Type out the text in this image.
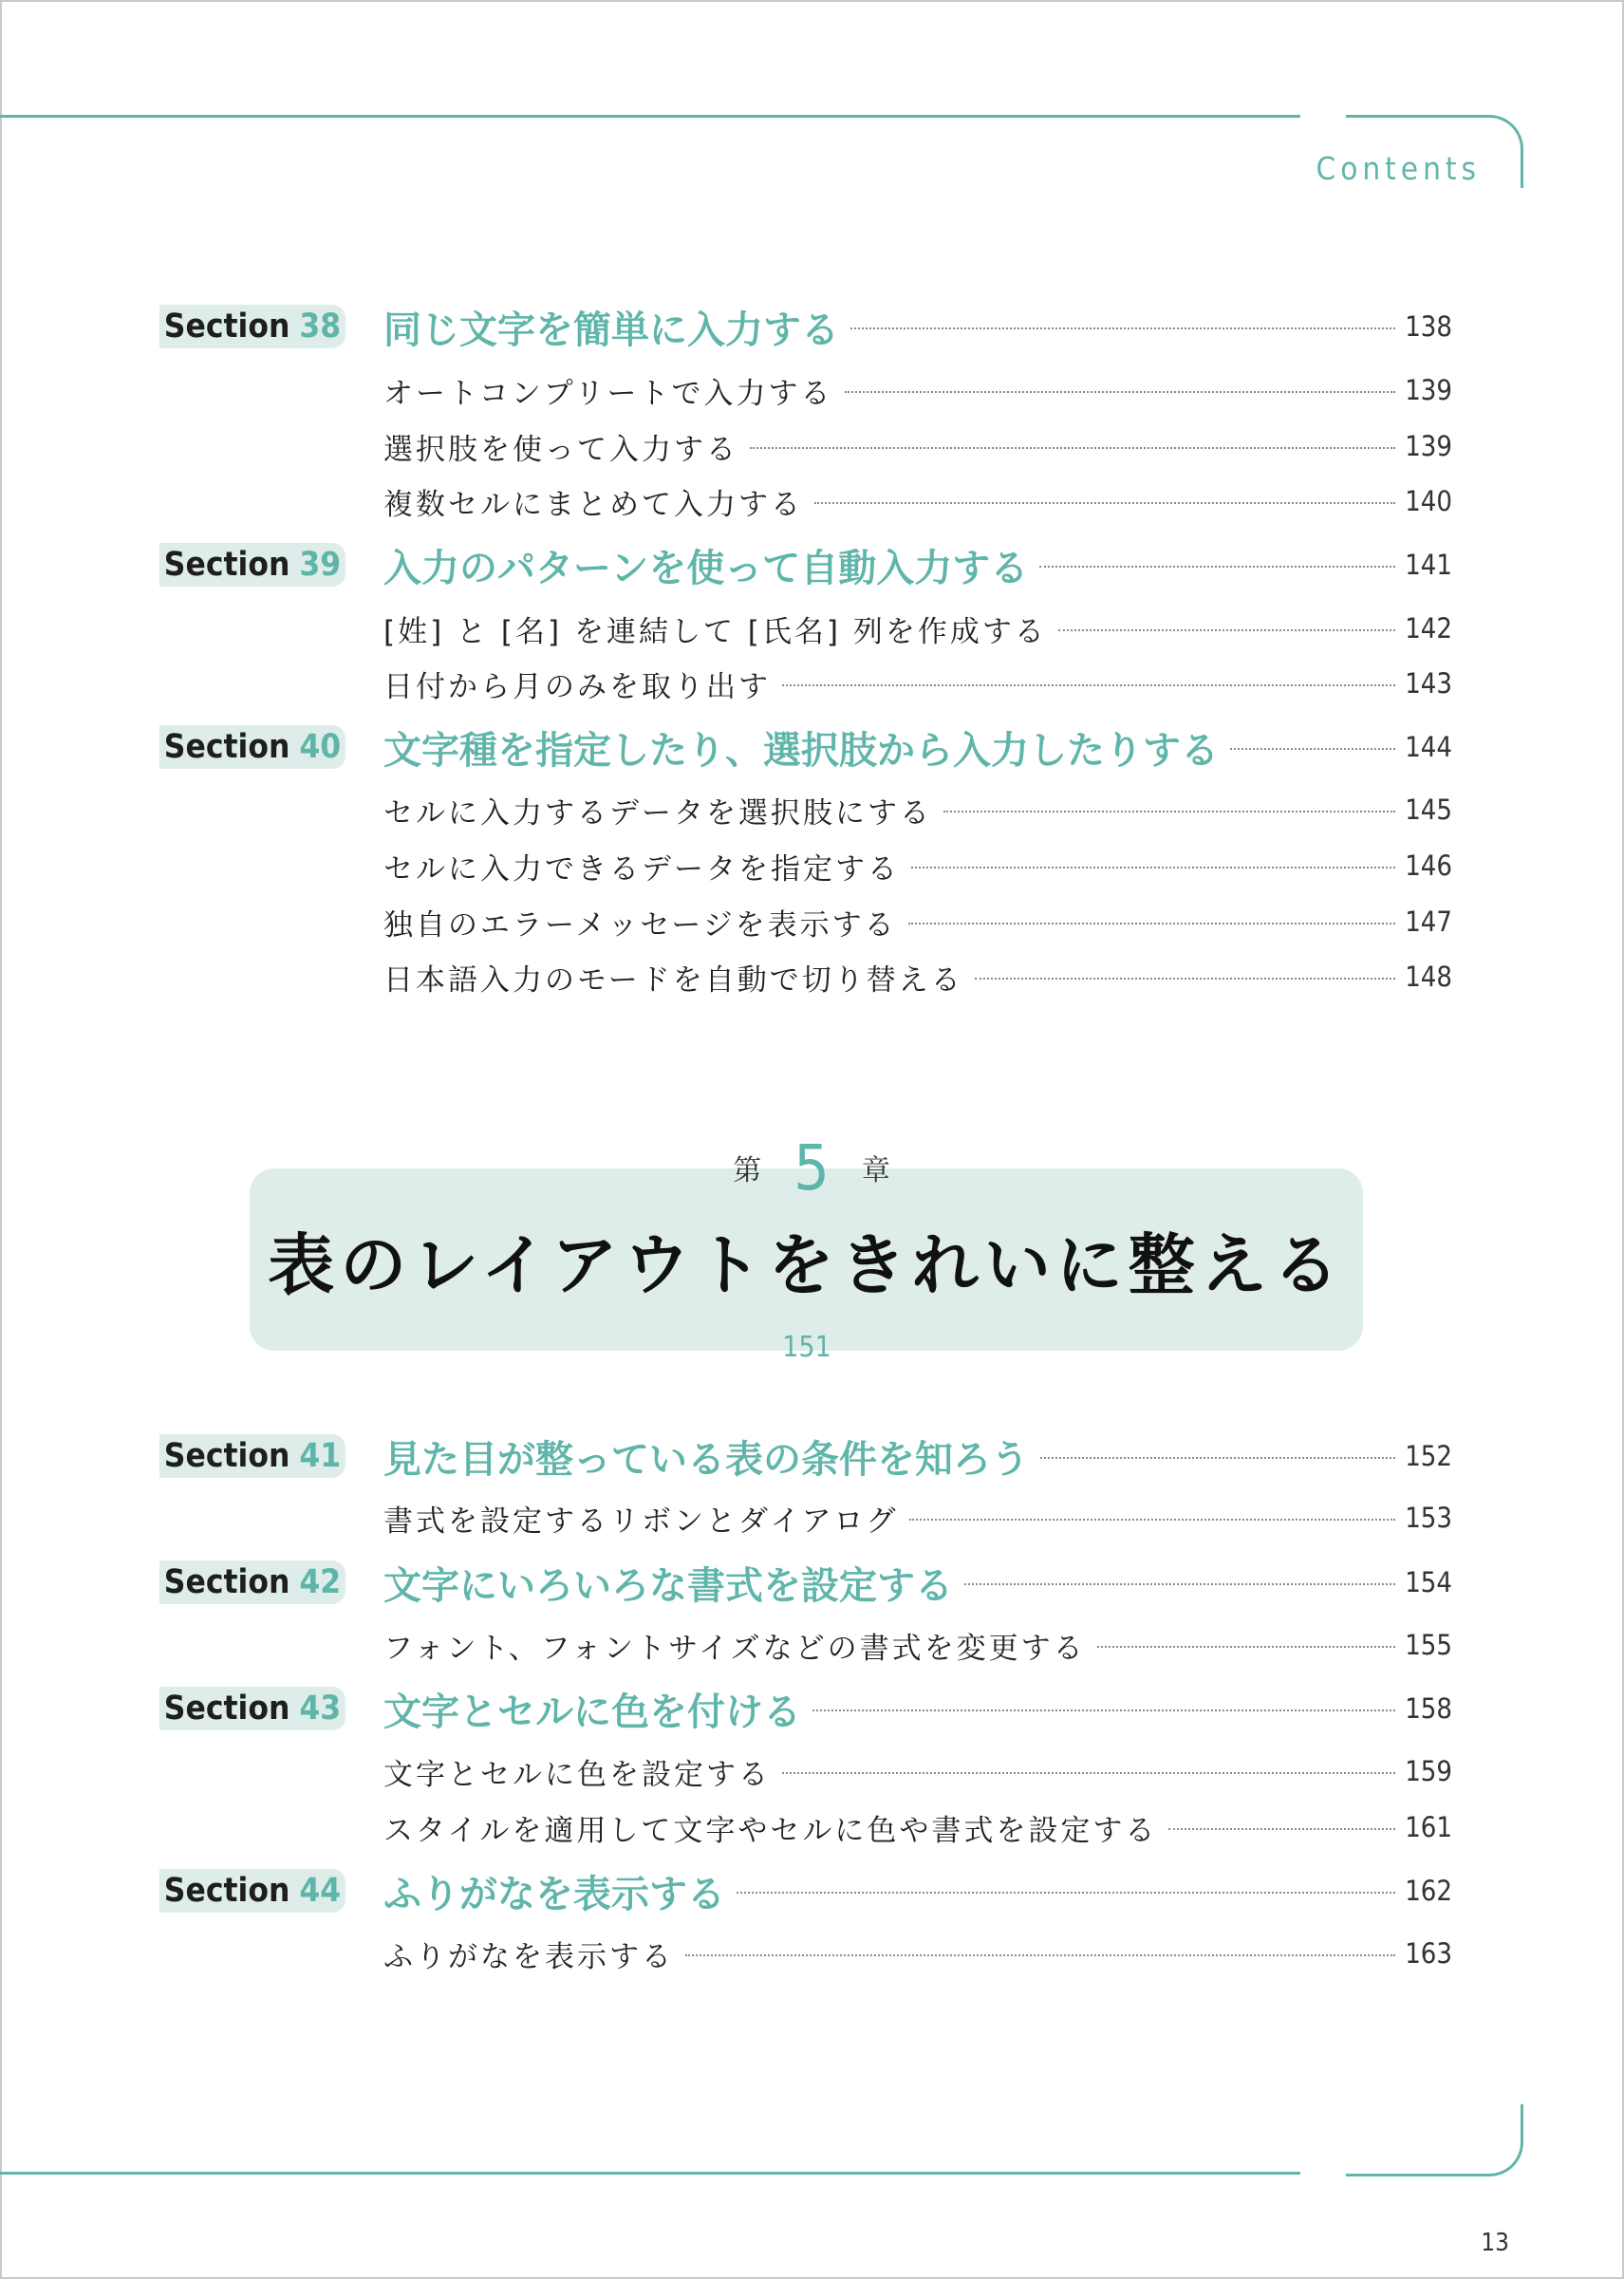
Contents
Section 38 同じ文字を簡単に入力する	138
オートコンプリートで入力する	139
選択肢を使って入力する	139
複数セルにまとめて入力する	140
Section 39 入力のパターンを使って自動入力する	141
[姓] と [名] を連結して [氏名] 列を作成する	142
日付から月のみを取り出す	143
Section 40 文字種を指定したり、選択肢から入力したりする	144
セルに入力するデータを選択肢にする	145
セルに入力できるデータを指定する	146
独自のエラーメッセージを表示する	147
日本語入力のモードを自動で切り替える	148
表のレイアウトをきれいに整える
第 5 章
151
Section 41 見た目が整っている表の条件を知ろう	152
書式を設定するリボンとダイアログ	153
Section 42 文字にいろいろな書式を設定する	154
フォント、フォントサイズなどの書式を変更する	155
Section 43 文字とセルに色を付ける	158
文字とセルに色を設定する	159
スタイルを適用して文字やセルに色や書式を設定する	161
Section 44 ふりがなを表示する	162
ふりがなを表示する	163
13
